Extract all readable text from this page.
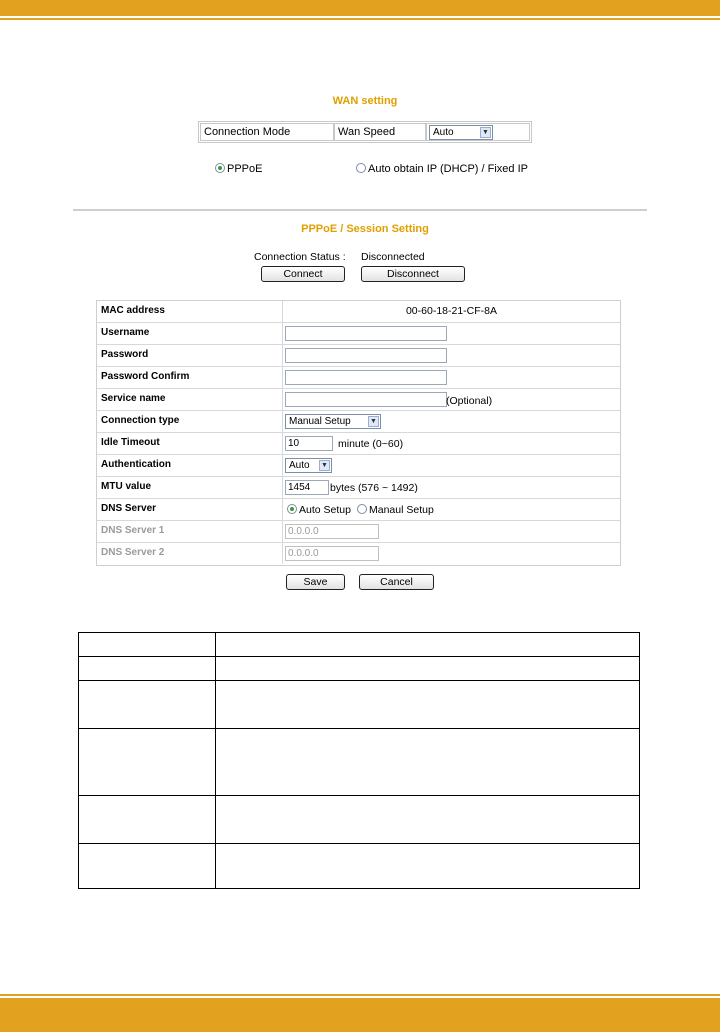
WAN setting
Connection Mode	Wan Speed	Auto	▼
PPPoE	Auto obtain IP (DHCP) / Fixed IP
PPPoE / Session Setting
Connection Status : Disconnected
Connect	Disconnect
MAC address	00-60-18-21-CF-8A
Username
Password
Password Confirm
Service name	(Optional)
Connection type	Manual Setup	▼
Idle Timeout	10	minute (0~60)
Authentication	Auto ▼
MTU value	1454	bytes (576 ~ 1492)
DNS Server	Auto Setup	Manaul Setup
DNS Server 1	0.0.0.0
DNS Server 2	0.0.0.0
Save	Cancel
